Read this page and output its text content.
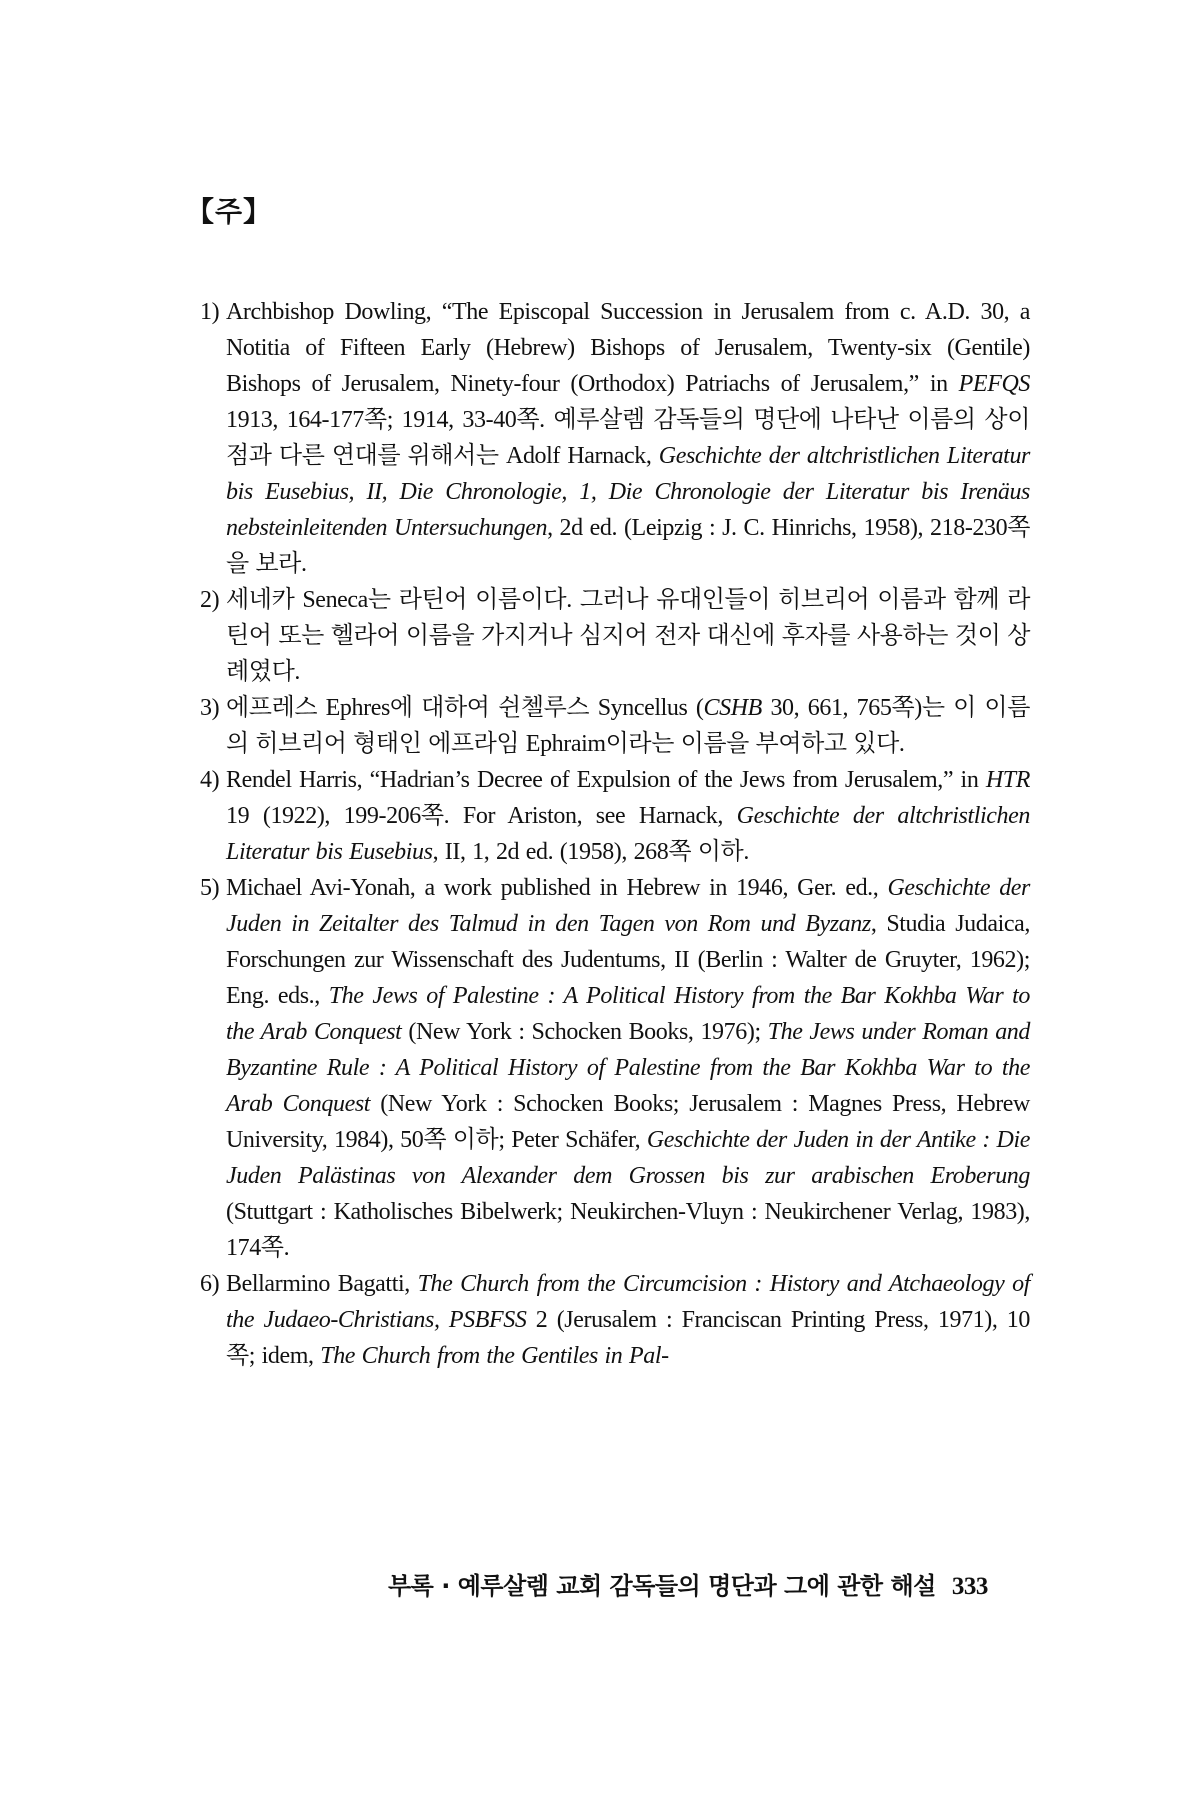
【주】

1) Archbishop Dowling, “The Episcopal Succession in Jerusalem from c. A.D. 30, a Notitia of Fifteen Early (Hebrew) Bishops of Jerusalem, Twenty-six (Gentile) Bishops of Jerusalem, Ninety-four (Orthodox) Patriachs of Jerusalem,” in PEFQS 1913, 164-177쪽; 1914, 33-40쪽. 예루살렘 감독들의 명단에 나타난 이름의 상이점과 다른 연대를 위해서는 Adolf Harnack, Geschichte der altchristlichen Literatur bis Eusebius, II, Die Chronologie, 1, Die Chronologie der Literatur bis Irenäus nebsteinleitenden Untersuchungen, 2d ed. (Leipzig : J. C. Hinrichs, 1958), 218-230쪽을 보라.

2) 세네카 Seneca는 라틴어 이름이다. 그러나 유대인들이 히브리어 이름과 함께 라틴어 또는 헬라어 이름을 가지거나 심지어 전자 대신에 후자를 사용하는 것이 상례였다.

3) 에프레스 Ephres에 대하여 쉰첼루스 Syncellus (CSHB 30, 661, 765쪽)는 이 이름의 히브리어 형태인 에프라임 Ephraim이라는 이름을 부여하고 있다.

4) Rendel Harris, “Hadrian’s Decree of Expulsion of the Jews from Jerusalem,” in HTR 19 (1922), 199-206쪽. For Ariston, see Harnack, Geschichte der altchristlichen Literatur bis Eusebius, II, 1, 2d ed. (1958), 268쪽 이하.

5) Michael Avi-Yonah, a work published in Hebrew in 1946, Ger. ed., Geschichte der Juden in Zeitalter des Talmud in den Tagen von Rom und Byzanz, Studia Judaica, Forschungen zur Wissenschaft des Judentums, II (Berlin : Walter de Gruyter, 1962); Eng. eds., The Jews of Palestine : A Political History from the Bar Kokhba War to the Arab Conquest (New York : Schocken Books, 1976); The Jews under Roman and Byzantine Rule : A Political History of Palestine from the Bar Kokhba War to the Arab Conquest (New York : Schocken Books; Jerusalem : Magnes Press, Hebrew University, 1984), 50쪽 이하; Peter Schäfer, Geschichte der Juden in der Antike : Die Juden Palästinas von Alexander dem Grossen bis zur arabischen Eroberung (Stuttgart : Katholisches Bibelwerk; Neukirchen-Vluyn : Neukirchener Verlag, 1983), 174쪽.

6) Bellarmino Bagatti, The Church from the Circumcision : History and Atchaeology of the Judaeo-Christians, PSBFSS 2 (Jerusalem : Franciscan Printing Press, 1971), 10쪽; idem, The Church from the Gentiles in Pal-

부록 · 예루살렘 교회 감독들의 명단과 그에 관한 해설 333
